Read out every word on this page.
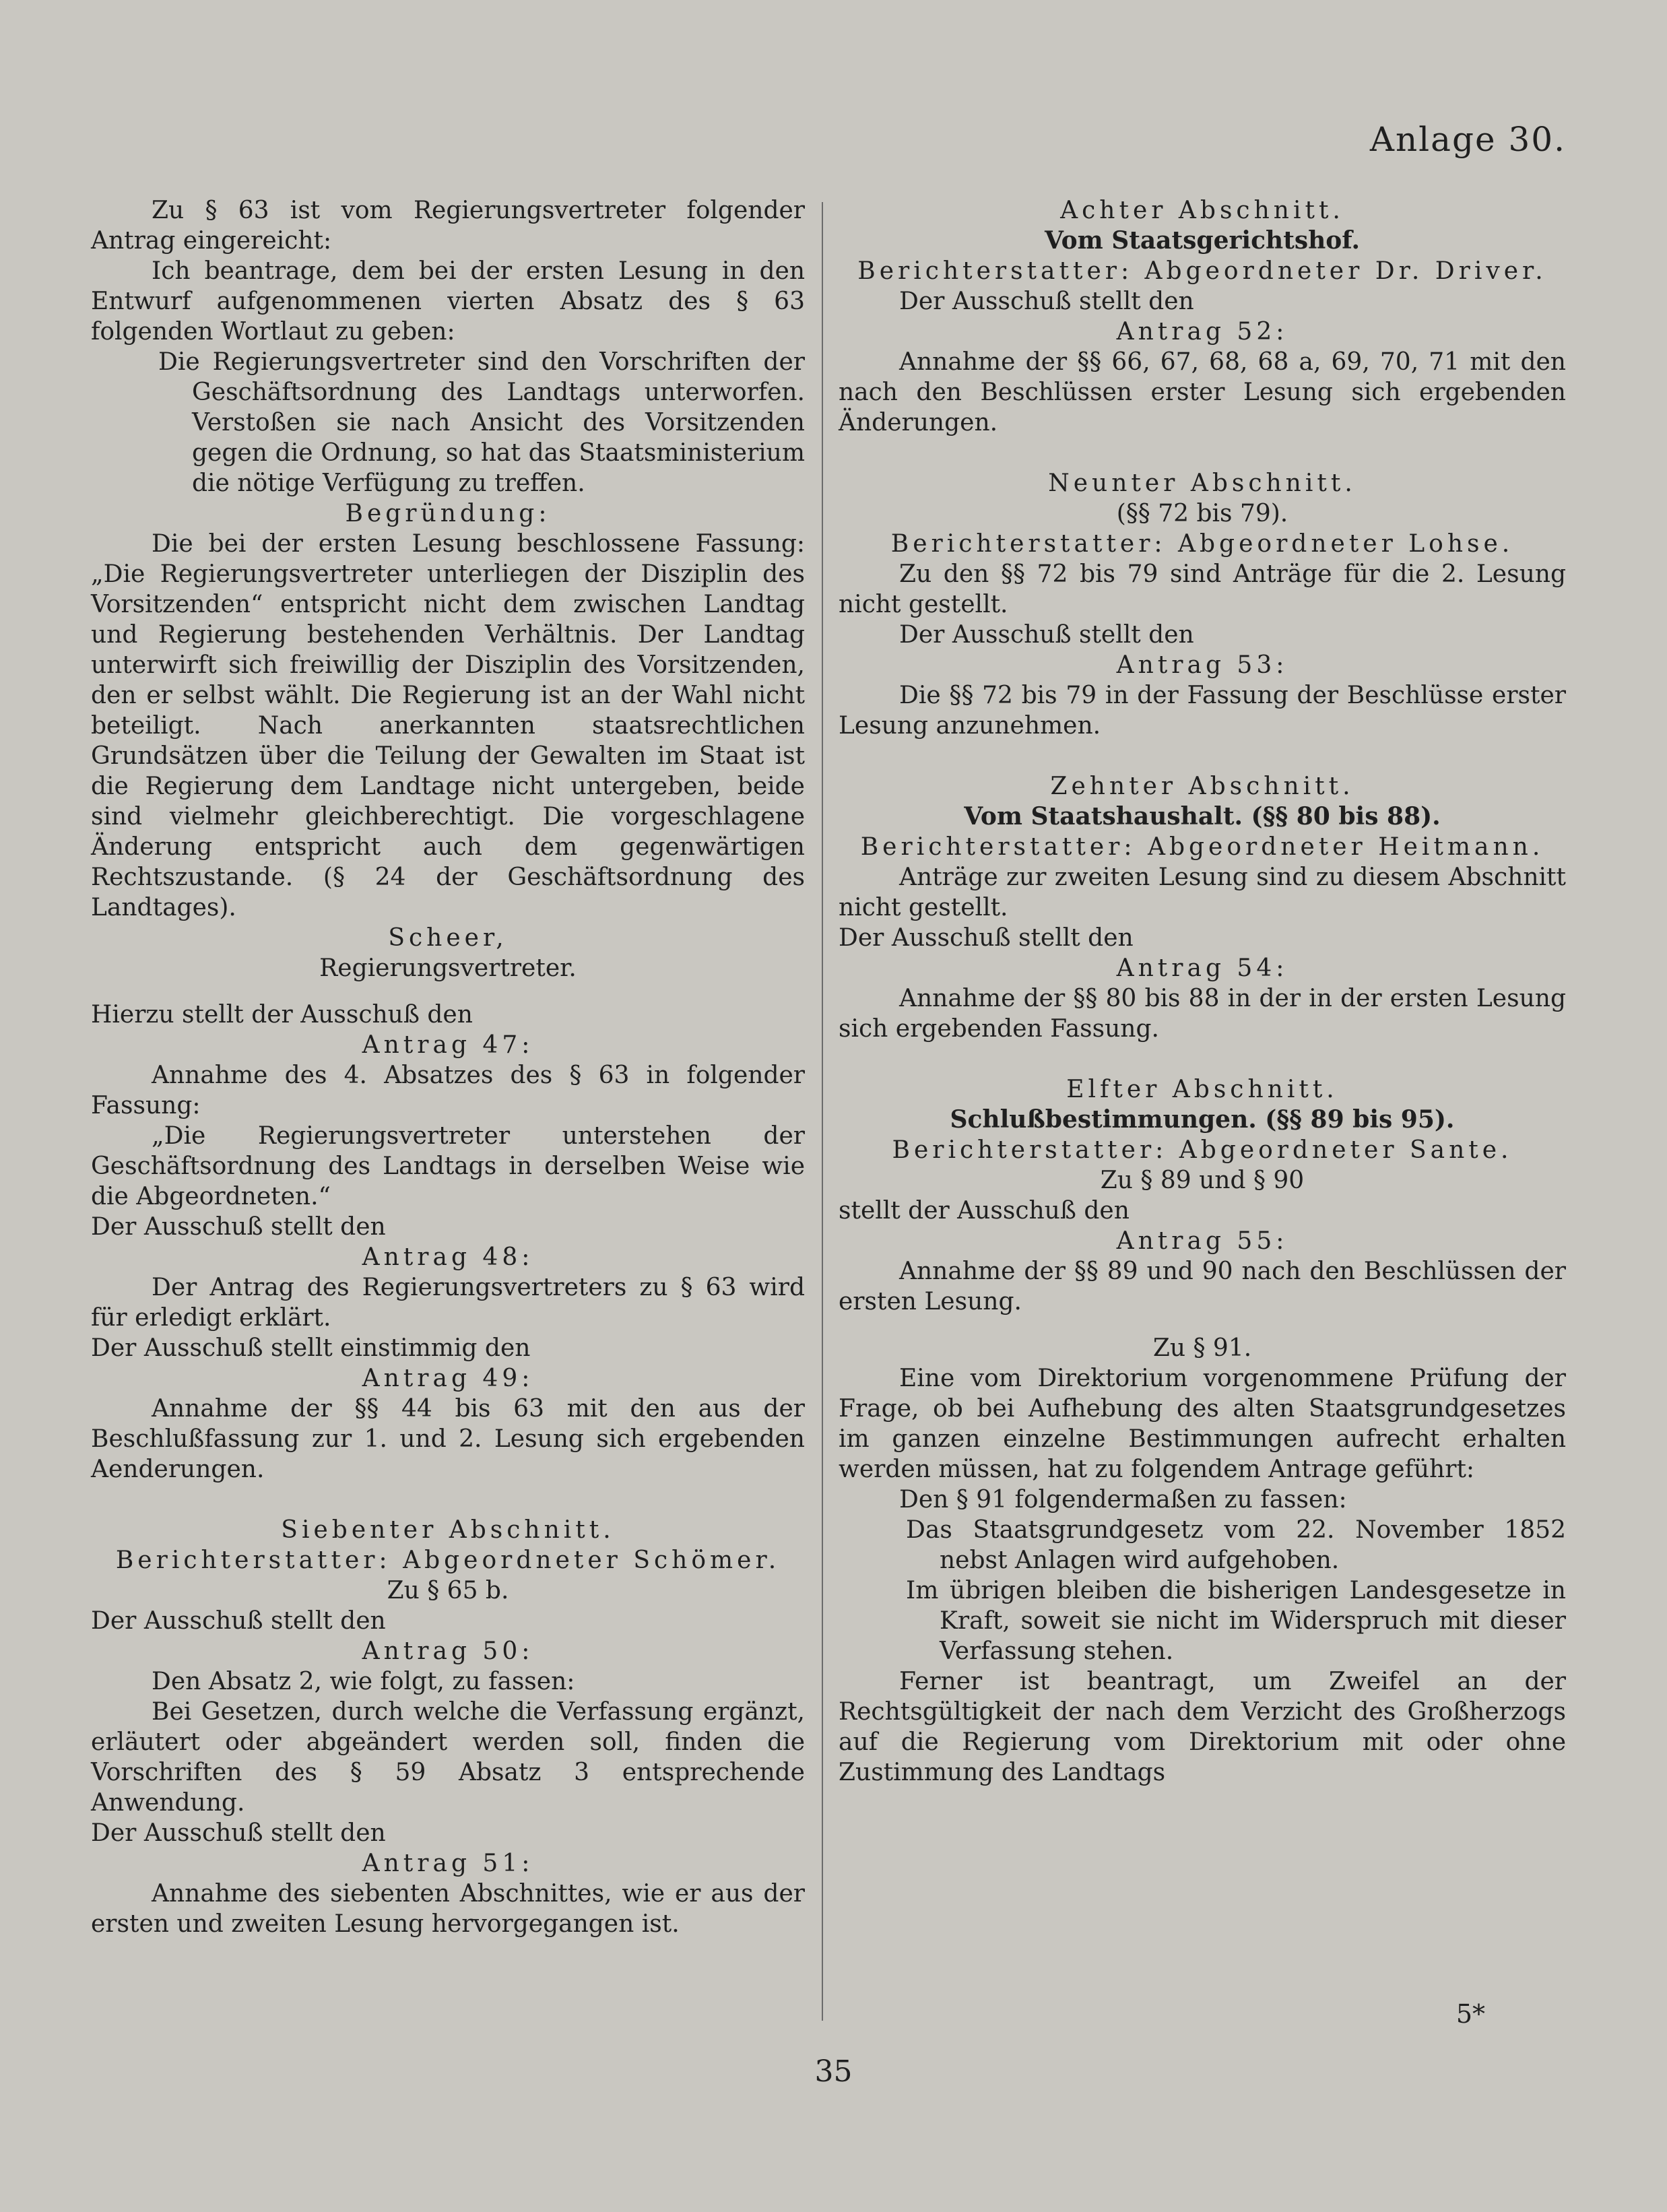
Anlage 30.

Zu § 63 ist vom Regierungsvertreter folgender Antrag eingereicht:

Ich beantrage, dem bei der ersten Lesung in den Entwurf aufgenommenen vierten Absatz des § 63 folgenden Wortlaut zu geben:

Die Regierungsvertreter sind den Vorschriften der Geschäftsordnung des Landtags unterworfen. Verstoßen sie nach Ansicht des Vorsitzenden gegen die Ordnung, so hat das Staatsministerium die nötige Verfügung zu treffen.

Begründung:

Die bei der ersten Lesung beschlossene Fassung: „Die Regierungsvertreter unterliegen der Disziplin des Vorsitzenden“ entspricht nicht dem zwischen Landtag und Regierung bestehenden Verhältnis. Der Landtag unterwirft sich freiwillig der Disziplin des Vorsitzenden, den er selbst wählt. Die Regierung ist an der Wahl nicht beteiligt. Nach anerkannten staatsrechtlichen Grundsätzen über die Teilung der Gewalten im Staat ist die Regierung dem Landtage nicht untergeben, beide sind vielmehr gleichberechtigt. Die vorgeschlagene Änderung entspricht auch dem gegenwärtigen Rechtszustande. (§ 24 der Geschäftsordnung des Landtages).

Scheer,

Regierungsvertreter.

Hierzu stellt der Ausschuß den

Antrag 47:

Annahme des 4. Absatzes des § 63 in folgender Fassung:

„Die Regierungsvertreter unterstehen der Geschäftsordnung des Landtags in derselben Weise wie die Abgeordneten.“

Der Ausschuß stellt den

Antrag 48:

Der Antrag des Regierungsvertreters zu § 63 wird für erledigt erklärt.

Der Ausschuß stellt einstimmig den

Antrag 49:

Annahme der §§ 44 bis 63 mit den aus der Beschlußfassung zur 1. und 2. Lesung sich ergebenden Aenderungen.

Siebenter Abschnitt.

Berichterstatter: Abgeordneter Schömer.

Zu § 65 b.

Der Ausschuß stellt den

Antrag 50:

Den Absatz 2, wie folgt, zu fassen:

Bei Gesetzen, durch welche die Verfassung ergänzt, erläutert oder abgeändert werden soll, finden die Vorschriften des § 59 Absatz 3 entsprechende Anwendung.

Der Ausschuß stellt den

Antrag 51:

Annahme des siebenten Abschnittes, wie er aus der ersten und zweiten Lesung hervorgegangen ist.

Achter Abschnitt.

Vom Staatsgerichtshof.

Berichterstatter: Abgeordneter Dr. Driver.

Der Ausschuß stellt den

Antrag 52:

Annahme der §§ 66, 67, 68, 68 a, 69, 70, 71 mit den nach den Beschlüssen erster Lesung sich ergebenden Änderungen.

Neunter Abschnitt.

(§§ 72 bis 79).

Berichterstatter: Abgeordneter Lohse.

Zu den §§ 72 bis 79 sind Anträge für die 2. Lesung nicht gestellt.

Der Ausschuß stellt den

Antrag 53:

Die §§ 72 bis 79 in der Fassung der Beschlüsse erster Lesung anzunehmen.

Zehnter Abschnitt.

Vom Staatshaushalt. (§§ 80 bis 88).

Berichterstatter: Abgeordneter Heitmann.

Anträge zur zweiten Lesung sind zu diesem Abschnitt nicht gestellt.

Der Ausschuß stellt den

Antrag 54:

Annahme der §§ 80 bis 88 in der in der ersten Lesung sich ergebenden Fassung.

Elfter Abschnitt.

Schlußbestimmungen. (§§ 89 bis 95).

Berichterstatter: Abgeordneter Sante.

Zu § 89 und § 90

stellt der Ausschuß den

Antrag 55:

Annahme der §§ 89 und 90 nach den Beschlüssen der ersten Lesung.

Zu § 91.

Eine vom Direktorium vorgenommene Prüfung der Frage, ob bei Aufhebung des alten Staatsgrundgesetzes im ganzen einzelne Bestimmungen aufrecht erhalten werden müssen, hat zu folgendem Antrage geführt:

Den § 91 folgendermaßen zu fassen:

Das Staatsgrundgesetz vom 22. November 1852 nebst Anlagen wird aufgehoben.

Im übrigen bleiben die bisherigen Landesgesetze in Kraft, soweit sie nicht im Widerspruch mit dieser Verfassung stehen.

Ferner ist beantragt, um Zweifel an der Rechtsgültigkeit der nach dem Verzicht des Großherzogs auf die Regierung vom Direktorium mit oder ohne Zustimmung des Landtags

5*
35
